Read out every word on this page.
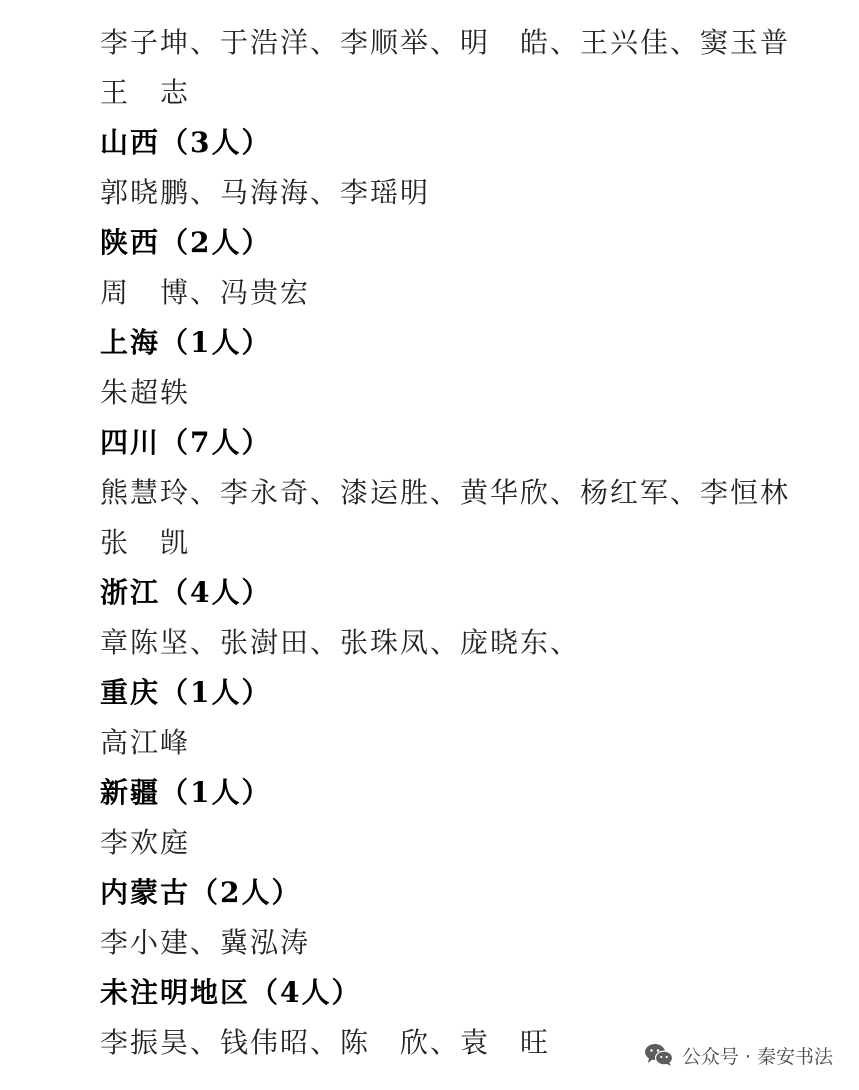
李子坤、于浩洋、李顺举、明　皓、王兴佳、窦玉普
王　志
山西（3人）
郭晓鹏、马海海、李瑶明
陕西（2人）
周　博、冯贵宏
上海（1人）
朱超轶
四川（7人）
熊慧玲、李永奇、漆运胜、黄华欣、杨红军、李恒林
张　凯
浙江（4人）
章陈坚、张澍田、张珠凤、庞晓东、
重庆（1人）
高江峰
新疆（1人）
李欢庭
内蒙古（2人）
李小建、冀泓涛
未注明地区（4人）
李振昊、钱伟昭、陈　欣、袁　旺	公众号 · 秦安书法
